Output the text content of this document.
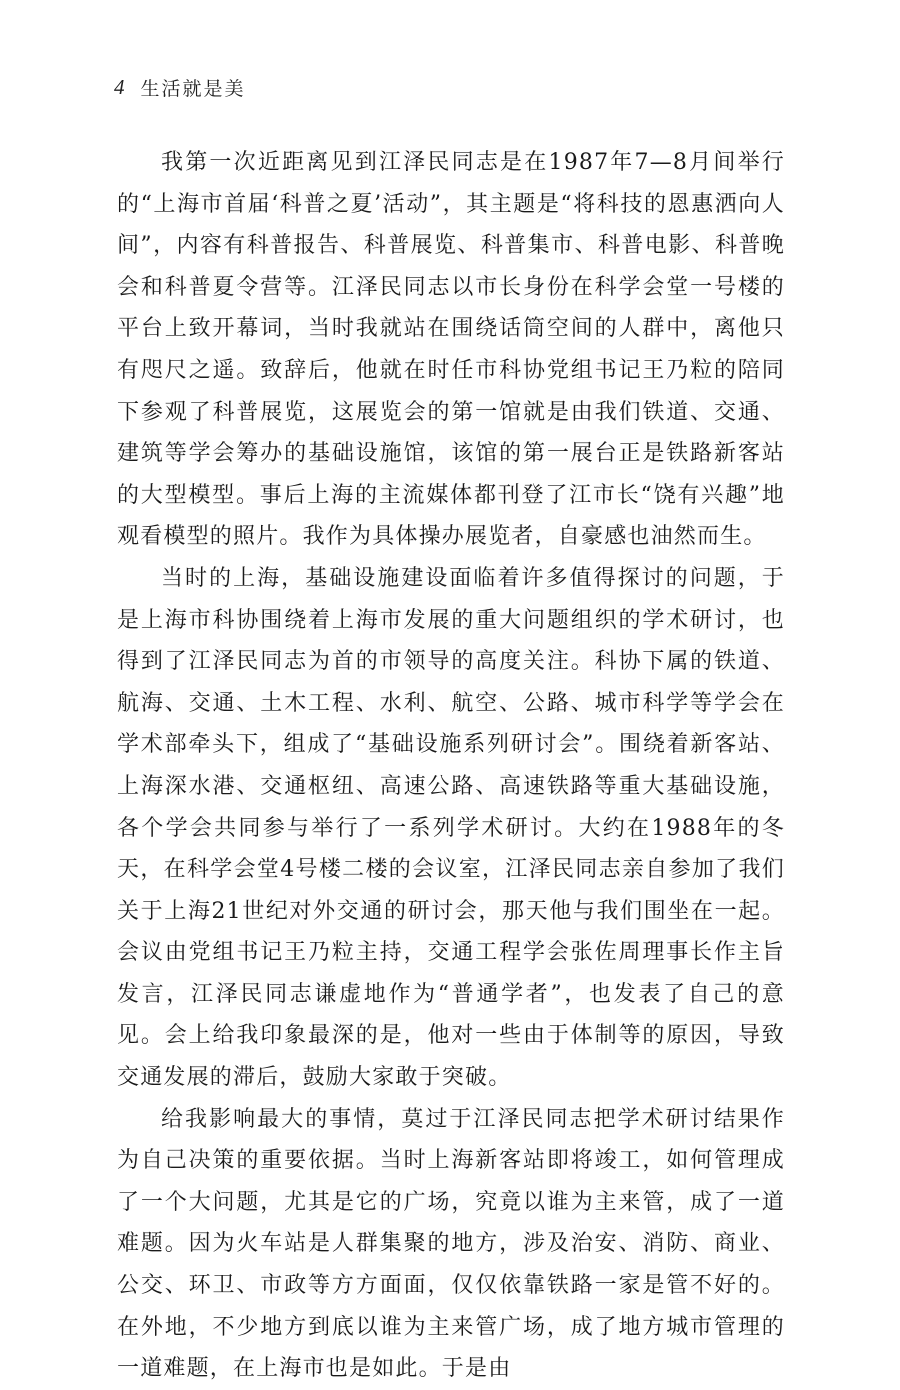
4 生活就是美

我第一次近距离见到江泽民同志是在1987年7—8月间举行的“上海市首届‘科普之夏’活动”，其主题是“将科技的恩惠洒向人间”，内容有科普报告、科普展览、科普集市、科普电影、科普晚会和科普夏令营等。江泽民同志以市长身份在科学会堂一号楼的平台上致开幕词，当时我就站在围绕话筒空间的人群中，离他只有咫尺之遥。致辞后，他就在时任市科协党组书记王乃粒的陪同下参观了科普展览，这展览会的第一馆就是由我们铁道、交通、建筑等学会筹办的基础设施馆，该馆的第一展台正是铁路新客站的大型模型。事后上海的主流媒体都刊登了江市长“饶有兴趣”地观看模型的照片。我作为具体操办展览者，自豪感也油然而生。

当时的上海，基础设施建设面临着许多值得探讨的问题，于是上海市科协围绕着上海市发展的重大问题组织的学术研讨，也得到了江泽民同志为首的市领导的高度关注。科协下属的铁道、航海、交通、土木工程、水利、航空、公路、城市科学等学会在学术部牵头下，组成了“基础设施系列研讨会”。围绕着新客站、上海深水港、交通枢纽、高速公路、高速铁路等重大基础设施，各个学会共同参与举行了一系列学术研讨。大约在1988年的冬天，在科学会堂4号楼二楼的会议室，江泽民同志亲自参加了我们关于上海21世纪对外交通的研讨会，那天他与我们围坐在一起。会议由党组书记王乃粒主持，交通工程学会张佐周理事长作主旨发言，江泽民同志谦虚地作为“普通学者”，也发表了自己的意见。会上给我印象最深的是，他对一些由于体制等的原因，导致交通发展的滞后，鼓励大家敢于突破。

给我影响最大的事情，莫过于江泽民同志把学术研讨结果作为自己决策的重要依据。当时上海新客站即将竣工，如何管理成了一个大问题，尤其是它的广场，究竟以谁为主来管，成了一道难题。因为火车站是人群集聚的地方，涉及治安、消防、商业、公交、环卫、市政等方方面面，仅仅依靠铁路一家是管不好的。在外地，不少地方到底以谁为主来管广场，成了地方城市管理的一道难题，在上海市也是如此。于是由
